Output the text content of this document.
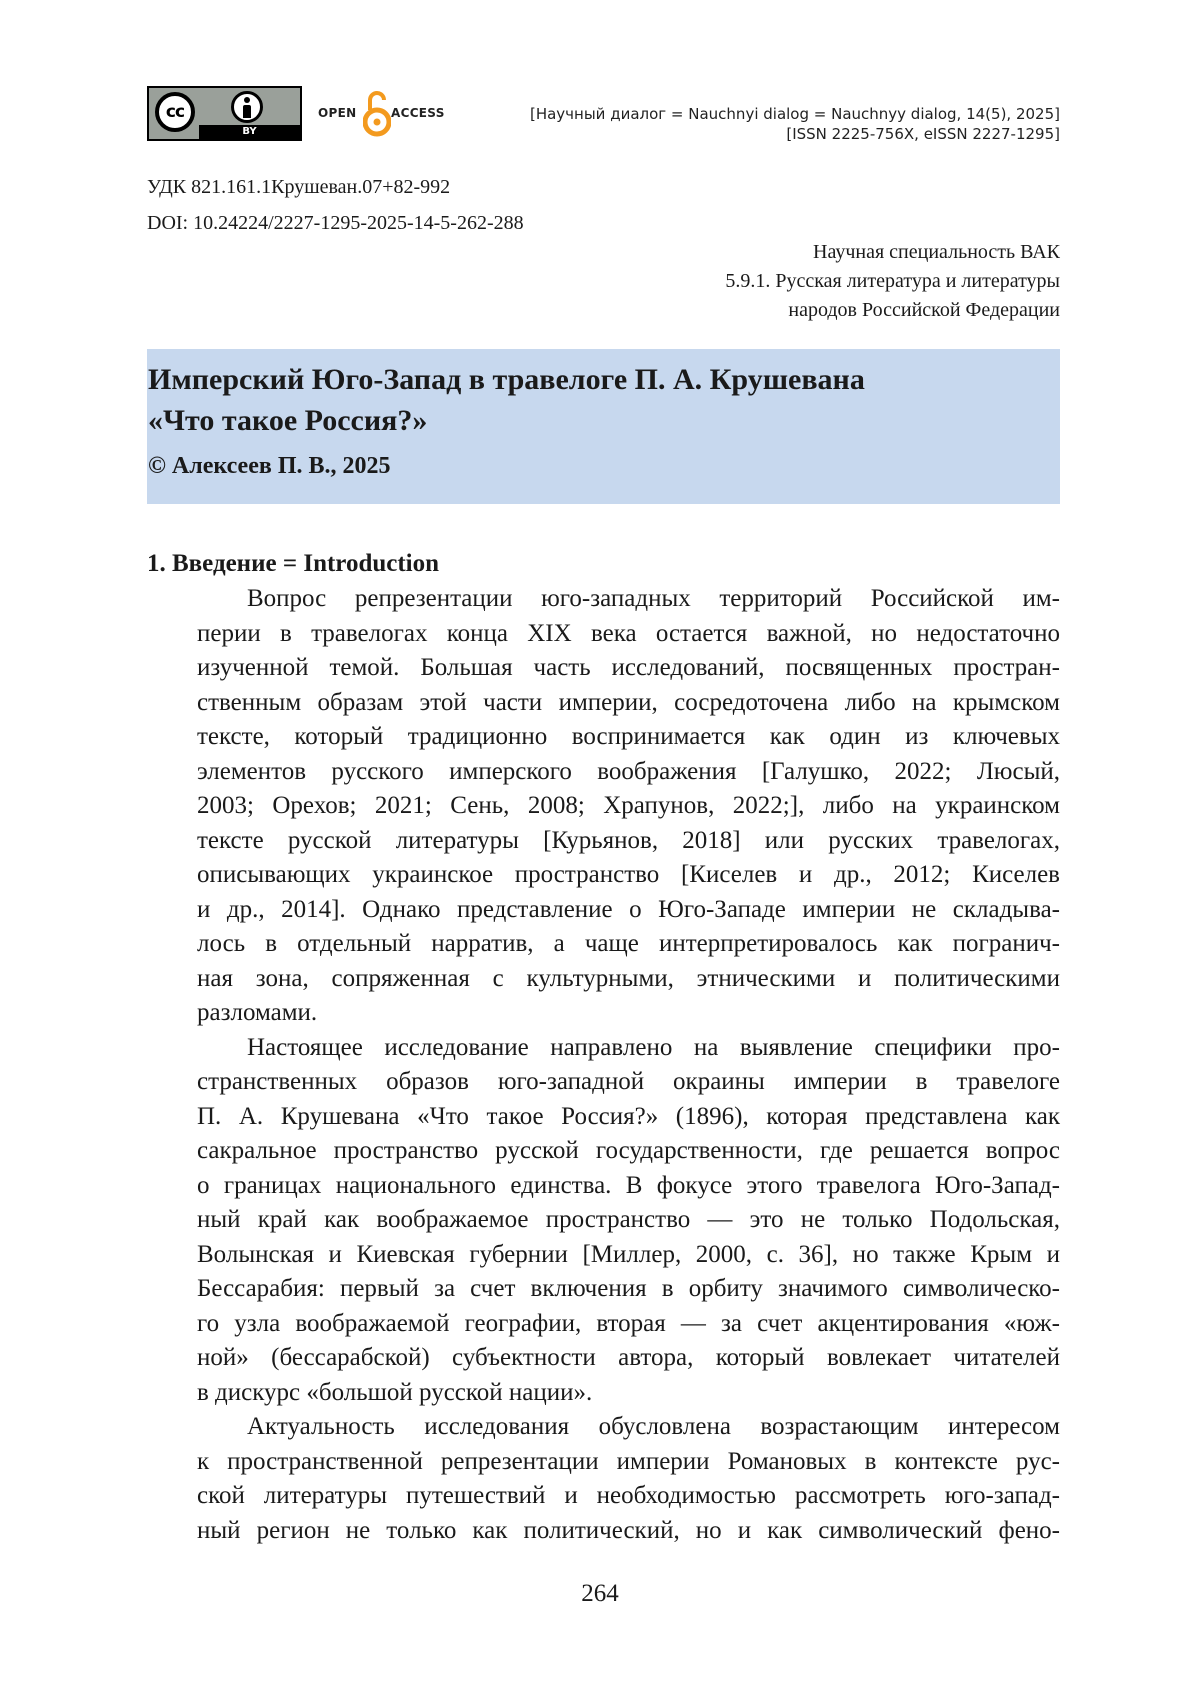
cc
BY
OPEN	ACCESS	[Научный диалог = Nauchnyi dialog = Nauchnyy dialog, 14(5), 2025]
[ISSN 2225-756X, eISSN 2227-1295]
УДК 821.161.1Крушеван.07+82-992
DOI: 10.24224/2227-1295-2025-14-5-262-288
Научная специальность ВАК
5.9.1. Русская литература и литературы
народов Российской Федерации
Имперский Юго-Запад в травелоге П. А. Крушевана
«Что такое Россия?»
© Алексеев П. В., 2025
1. Введение = Introduction
Вопрос репрезентации юго-западных территорий Российской им-
перии в травелогах конца XIX века остается важной, но недостаточно
изученной темой. Большая часть исследований, посвященных простран-
ственным образам этой части империи, сосредоточена либо на крымском
тексте, который традиционно воспринимается как один из ключевых
элементов русского имперского воображения [Галушко, 2022; Люсый,
2003; Орехов; 2021; Сень, 2008; Храпунов, 2022;], либо на украинском
тексте русской литературы [Курьянов, 2018] или русских травелогах,
описывающих украинское пространство [Киселев и др., 2012; Киселев
и др., 2014]. Однако представление о Юго-Западе империи не складыва-
лось в отдельный нарратив, а чаще интерпретировалось как погранич-
ная зона, сопряженная с культурными, этническими и политическими
разломами.
Настоящее исследование направлено на выявление специфики про-
странственных образов юго-западной окраины империи в травелоге
П. А. Крушевана «Что такое Россия?» (1896), которая представлена как
сакральное пространство русской государственности, где решается вопрос
о границах национального единства. В фокусе этого травелога Юго-Запад-
ный край как воображаемое пространство — это не только Подольская,
Волынская и Киевская губернии [Миллер, 2000, с. 36], но также Крым и
Бессарабия: первый за счет включения в орбиту значимого символическо-
го узла воображаемой географии, вторая — за счет акцентирования «юж-
ной» (бессарабской) субъектности автора, который вовлекает читателей
в дискурс «большой русской нации».
Актуальность исследования обусловлена возрастающим интересом
к пространственной репрезентации империи Романовых в контексте рус-
ской литературы путешествий и необходимостью рассмотреть юго-запад-
ный регион не только как политический, но и как символический фено-
264
